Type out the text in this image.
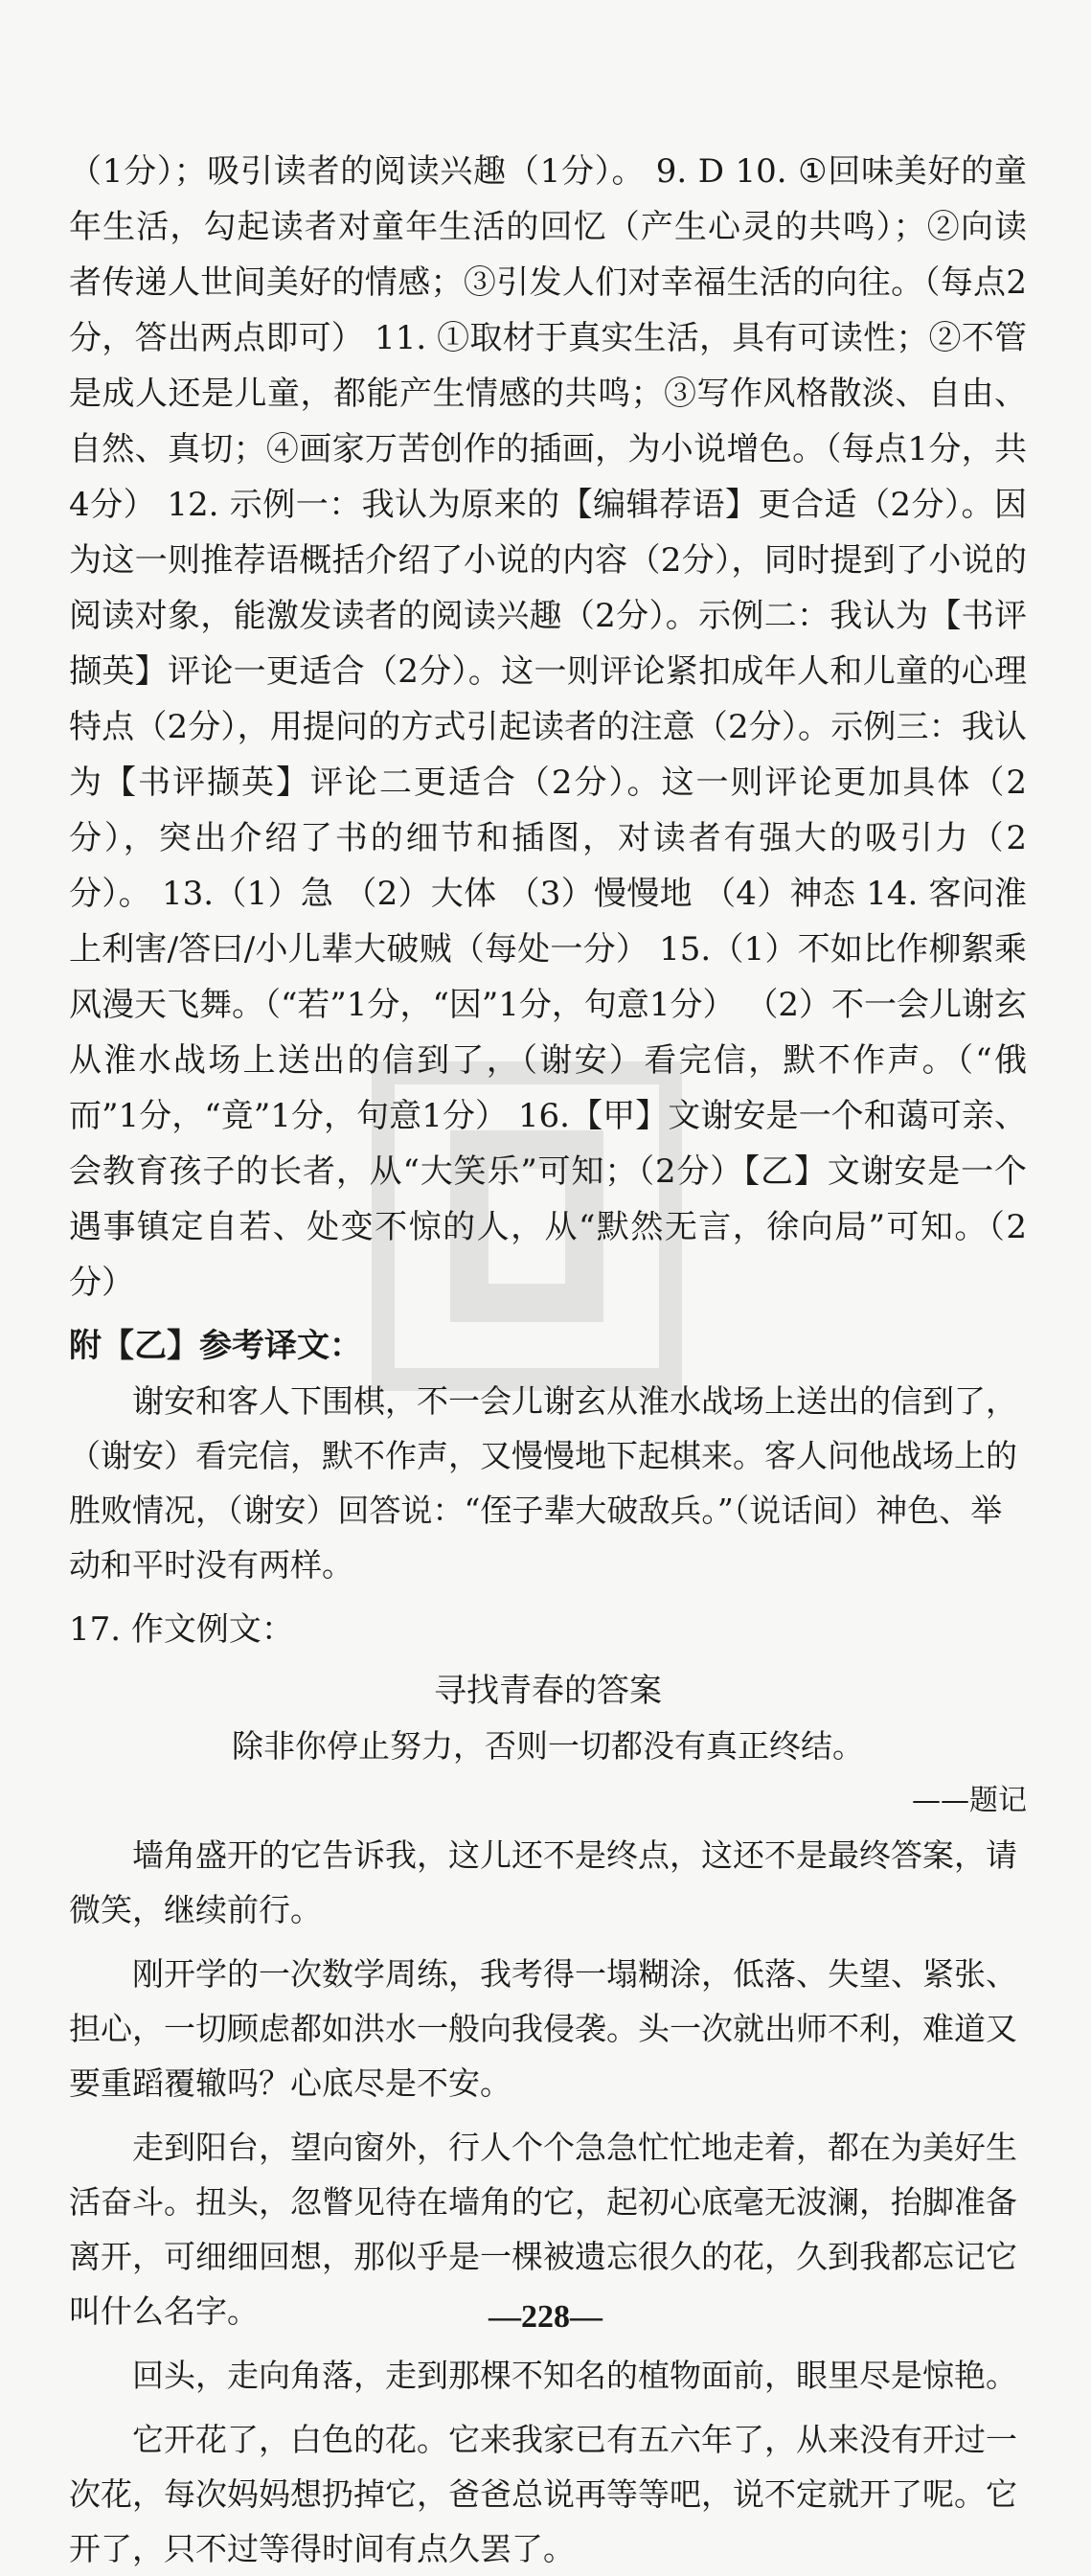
（1分）；吸引读者的阅读兴趣（1分）。 9. D 10. ①回味美好的童年生活，勾起读者对童年生活的回忆（产生心灵的共鸣）；②向读者传递人世间美好的情感；③引发人们对幸福生活的向往。（每点2分，答出两点即可） 11. ①取材于真实生活，具有可读性；②不管是成人还是儿童，都能产生情感的共鸣；③写作风格散淡、自由、自然、真切；④画家万苦创作的插画，为小说增色。（每点1分，共4分） 12. 示例一：我认为原来的【编辑荐语】更合适（2分）。因为这一则推荐语概括介绍了小说的内容（2分），同时提到了小说的阅读对象，能激发读者的阅读兴趣（2分）。示例二：我认为【书评撷英】评论一更适合（2分）。这一则评论紧扣成年人和儿童的心理特点（2分），用提问的方式引起读者的注意（2分）。示例三：我认为【书评撷英】评论二更适合（2分）。这一则评论更加具体（2分），突出介绍了书的细节和插图，对读者有强大的吸引力（2分）。 13.（1）急 （2）大体 （3）慢慢地 （4）神态 14. 客问淮上利害/答曰/小儿辈大破贼（每处一分） 15.（1）不如比作柳絮乘风漫天飞舞。（“若”1分，“因”1分，句意1分） （2）不一会儿谢玄从淮水战场上送出的信到了，（谢安）看完信，默不作声。（“俄而”1分，“竟”1分，句意1分） 16.【甲】文谢安是一个和蔼可亲、会教育孩子的长者，从“大笑乐”可知；（2分）【乙】文谢安是一个遇事镇定自若、处变不惊的人，从“默然无言，徐向局”可知。（2分）

附【乙】参考译文：

谢安和客人下围棋，不一会儿谢玄从淮水战场上送出的信到了，（谢安）看完信，默不作声，又慢慢地下起棋来。客人问他战场上的胜败情况，（谢安）回答说：“侄子辈大破敌兵。”（说话间）神色、举动和平时没有两样。

17. 作文例文：
寻找青春的答案
除非你停止努力，否则一切都没有真正终结。
——题记

墙角盛开的它告诉我，这儿还不是终点，这还不是最终答案，请微笑，继续前行。

刚开学的一次数学周练，我考得一塌糊涂，低落、失望、紧张、担心，一切顾虑都如洪水一般向我侵袭。头一次就出师不利，难道又要重蹈覆辙吗？心底尽是不安。

走到阳台，望向窗外，行人个个急急忙忙地走着，都在为美好生活奋斗。扭头，忽瞥见待在墙角的它，起初心底毫无波澜，抬脚准备离开，可细细回想，那似乎是一棵被遗忘很久的花，久到我都忘记它叫什么名字。

回头，走向角落，走到那棵不知名的植物面前，眼里尽是惊艳。

它开花了，白色的花。它来我家已有五六年了，从来没有开过一次花，每次妈妈想扔掉它，爸爸总说再等等吧，说不定就开了呢。它开了，只不过等得时间有点久罢了。

—228—
